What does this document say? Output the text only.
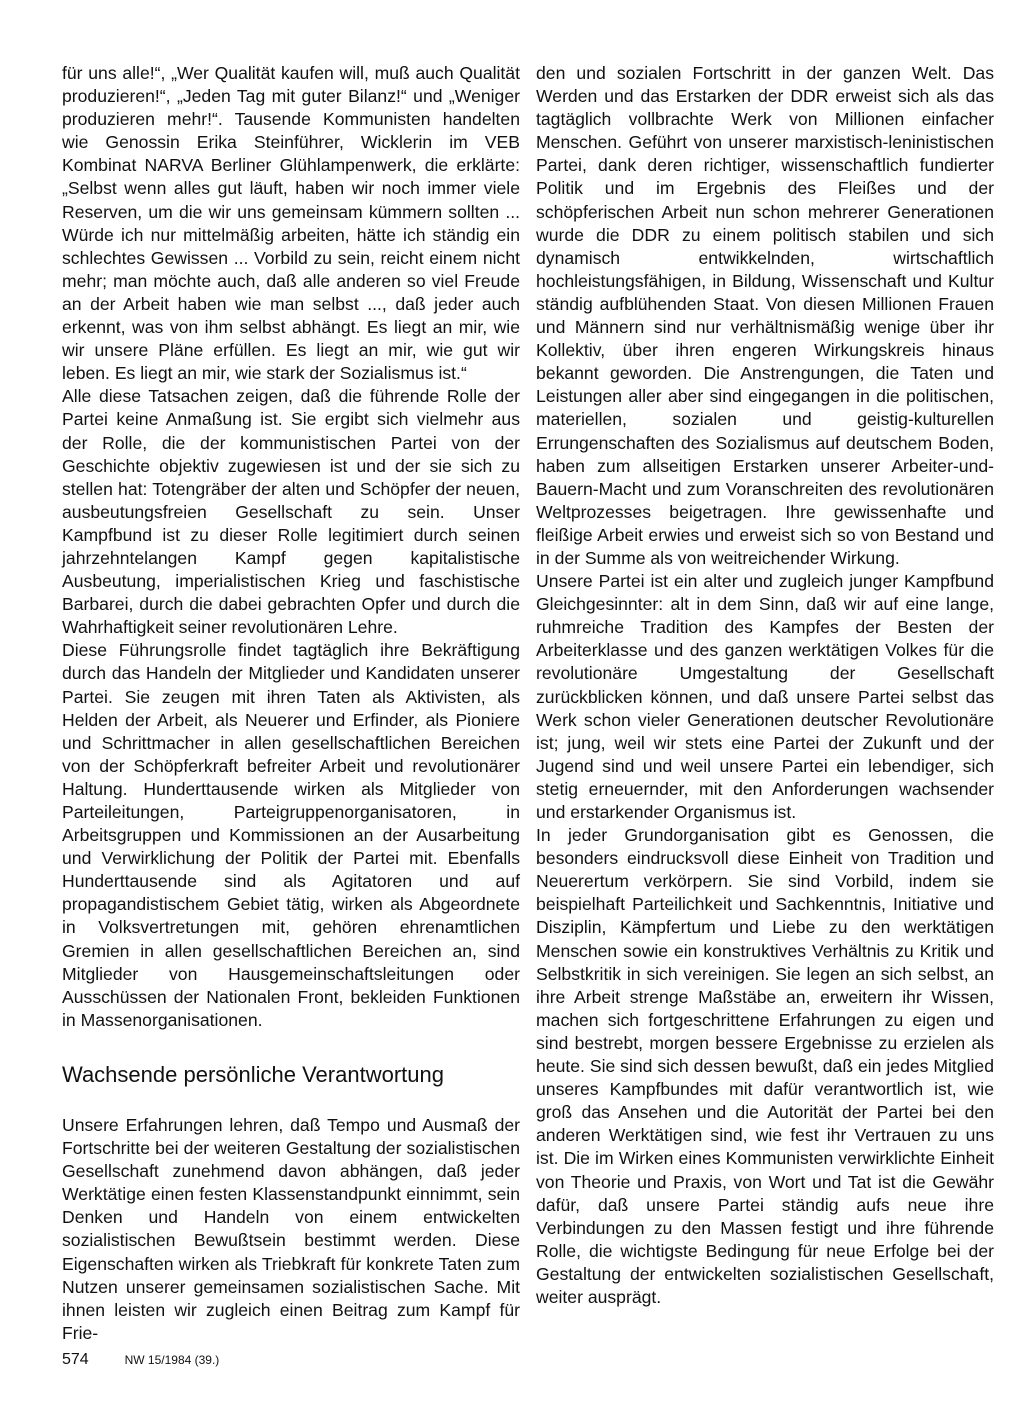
für uns alle!“, „Wer Qualität kaufen will, muß auch Qualität produzieren!“, „Jeden Tag mit guter Bilanz!“ und „Weniger produzieren mehr!“. Tausende Kommunisten handelten wie Genossin Erika Steinführer, Wicklerin im VEB Kombinat NARVA Berliner Glühlampenwerk, die erklärte: „Selbst wenn alles gut läuft, haben wir noch immer viele Reserven, um die wir uns gemeinsam kümmern sollten ... Würde ich nur mittelmäßig arbeiten, hätte ich ständig ein schlechtes Gewissen ... Vorbild zu sein, reicht einem nicht mehr; man möchte auch, daß alle anderen so viel Freude an der Arbeit haben wie man selbst ..., daß jeder auch erkennt, was von ihm selbst abhängt. Es liegt an mir, wie wir unsere Pläne erfüllen. Es liegt an mir, wie gut wir leben. Es liegt an mir, wie stark der Sozialismus ist.“

Alle diese Tatsachen zeigen, daß die führende Rolle der Partei keine Anmaßung ist. Sie ergibt sich vielmehr aus der Rolle, die der kommunistischen Partei von der Geschichte objektiv zugewiesen ist und der sie sich zu stellen hat: Totengräber der alten und Schöpfer der neuen, ausbeutungsfreien Gesellschaft zu sein. Unser Kampfbund ist zu dieser Rolle legitimiert durch seinen jahrzehntelangen Kampf gegen kapitalistische Ausbeutung, imperialistischen Krieg und faschistische Barbarei, durch die dabei gebrachten Opfer und durch die Wahrhaftigkeit seiner revolutionären Lehre.

Diese Führungsrolle findet tagtäglich ihre Bekräftigung durch das Handeln der Mitglieder und Kandidaten unserer Partei. Sie zeugen mit ihren Taten als Aktivisten, als Helden der Arbeit, als Neuerer und Erfinder, als Pioniere und Schrittmacher in allen gesellschaftlichen Bereichen von der Schöpferkraft befreiter Arbeit und revolutionärer Haltung. Hunderttausende wirken als Mitglieder von Parteileitungen, Parteigruppenorganisatoren, in Arbeitsgruppen und Kommissionen an der Ausarbeitung und Verwirklichung der Politik der Partei mit. Ebenfalls Hunderttausende sind als Agitatoren und auf propagandistischem Gebiet tätig, wirken als Abgeordnete in Volksvertretungen mit, gehören ehrenamtlichen Gremien in allen gesellschaftlichen Bereichen an, sind Mitglieder von Hausgemeinschaftsleitungen oder Ausschüssen der Nationalen Front, bekleiden Funktionen in Massenorganisationen.

Wachsende persönliche Verantwortung

Unsere Erfahrungen lehren, daß Tempo und Ausmaß der Fortschritte bei der weiteren Gestaltung der sozialistischen Gesellschaft zunehmend davon abhängen, daß jeder Werktätige einen festen Klassenstandpunkt einnimmt, sein Denken und Handeln von einem entwickelten sozialistischen Bewußtsein bestimmt werden. Diese Eigenschaften wirken als Triebkraft für konkrete Taten zum Nutzen unserer gemeinsamen sozialistischen Sache. Mit ihnen leisten wir zugleich einen Beitrag zum Kampf für Frie-

den und sozialen Fortschritt in der ganzen Welt. Das Werden und das Erstarken der DDR erweist sich als das tagtäglich vollbrachte Werk von Millionen einfacher Menschen. Geführt von unserer marxistisch-leninistischen Partei, dank deren richtiger, wissenschaftlich fundierter Politik und im Ergebnis des Fleißes und der schöpferischen Arbeit nun schon mehrerer Generationen wurde die DDR zu einem politisch stabilen und sich dynamisch entwikkelnden, wirtschaftlich hochleistungsfähigen, in Bildung, Wissenschaft und Kultur ständig aufblühenden Staat. Von diesen Millionen Frauen und Männern sind nur verhältnismäßig wenige über ihr Kollektiv, über ihren engeren Wirkungskreis hinaus bekannt geworden. Die Anstrengungen, die Taten und Leistungen aller aber sind eingegangen in die politischen, materiellen, sozialen und geistig-kulturellen Errungenschaften des Sozialismus auf deutschem Boden, haben zum allseitigen Erstarken unserer Arbeiter-und-Bauern-Macht und zum Voranschreiten des revolutionären Weltprozesses beigetragen. Ihre gewissenhafte und fleißige Arbeit erwies und erweist sich so von Bestand und in der Summe als von weitreichender Wirkung.

Unsere Partei ist ein alter und zugleich junger Kampfbund Gleichgesinnter: alt in dem Sinn, daß wir auf eine lange, ruhmreiche Tradition des Kampfes der Besten der Arbeiterklasse und des ganzen werktätigen Volkes für die revolutionäre Umgestaltung der Gesellschaft zurückblicken können, und daß unsere Partei selbst das Werk schon vieler Generationen deutscher Revolutionäre ist; jung, weil wir stets eine Partei der Zukunft und der Jugend sind und weil unsere Partei ein lebendiger, sich stetig erneuernder, mit den Anforderungen wachsender und erstarkender Organismus ist.

In jeder Grundorganisation gibt es Genossen, die besonders eindrucksvoll diese Einheit von Tradition und Neuerertum verkörpern. Sie sind Vorbild, indem sie beispielhaft Parteilichkeit und Sachkenntnis, Initiative und Disziplin, Kämpfertum und Liebe zu den werktätigen Menschen sowie ein konstruktives Verhältnis zu Kritik und Selbstkritik in sich vereinigen. Sie legen an sich selbst, an ihre Arbeit strenge Maßstäbe an, erweitern ihr Wissen, machen sich fortgeschrittene Erfahrungen zu eigen und sind bestrebt, morgen bessere Ergebnisse zu erzielen als heute. Sie sind sich dessen bewußt, daß ein jedes Mitglied unseres Kampfbundes mit dafür verantwortlich ist, wie groß das Ansehen und die Autorität der Partei bei den anderen Werktätigen sind, wie fest ihr Vertrauen zu uns ist. Die im Wirken eines Kommunisten verwirklichte Einheit von Theorie und Praxis, von Wort und Tat ist die Gewähr dafür, daß unsere Partei ständig aufs neue ihre Verbindungen zu den Massen festigt und ihre führende Rolle, die wichtigste Bedingung für neue Erfolge bei der Gestaltung der entwickelten sozialistischen Gesellschaft, weiter ausprägt.

574	NW 15/1984 (39.)
